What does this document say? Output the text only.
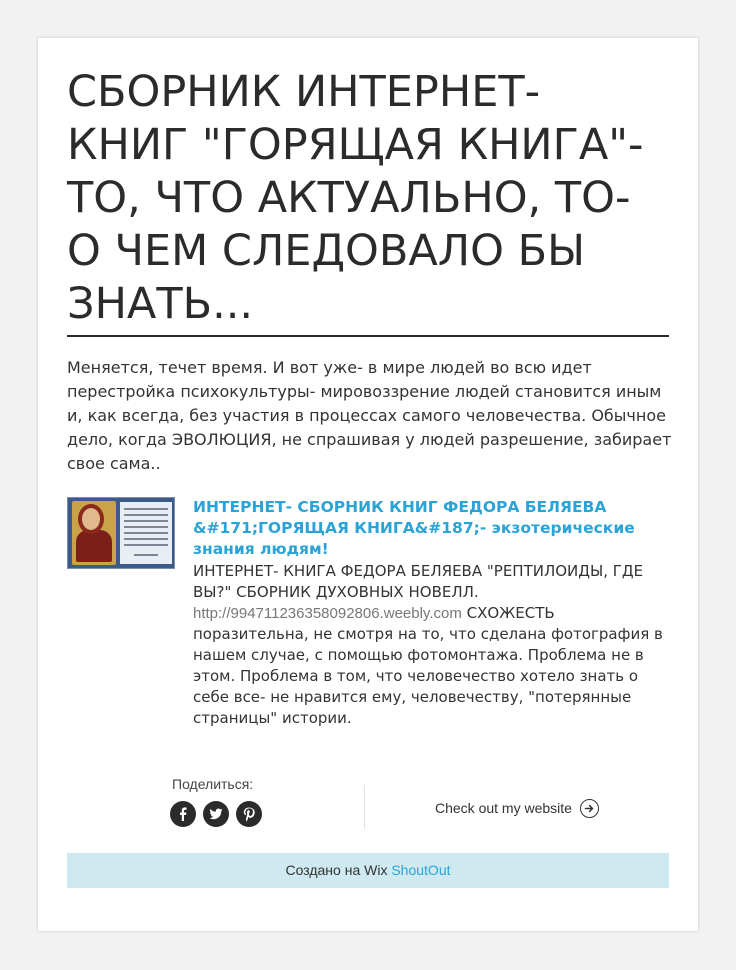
СБОРНИК ИНТЕРНЕТ- КНИГ "ГОРЯЩАЯ КНИГА"- ТО, ЧТО АКТУАЛЬНО, ТО- О ЧЕМ СЛЕДОВАЛО БЫ ЗНАТЬ...

Меняется, течет время. И вот уже- в мире людей во всю идет перестройка психокультуры- мировоззрение людей становится иным и, как всегда, без участия в процессах самого человечества. Обычное дело, когда ЭВОЛЮЦИЯ, не спрашивая у людей разрешение, забирает свое сама..

ИНТЕРНЕТ- СБОРНИК КНИГ ФЕДОРА БЕЛЯЕВА &#171;ГОРЯЩАЯ КНИГА&#187;- экзотерические знания людям!

ИНТЕРНЕТ- КНИГА ФЕДОРА БЕЛЯЕВА "РЕПТИЛОИДЫ, ГДЕ ВЫ?" СБОРНИК ДУХОВНЫХ НОВЕЛЛ. http://994711236358092806.weebly.com СХОЖЕСТЬ поразительна, не смотря на то, что сделана фотография в нашем случае, с помощью фотомонтажа. Проблема не в этом. Проблема в том, что человечество хотело знать о себе все- не нравится ему, человечеству, "потерянные страницы" истории.

Поделиться:
Check out my website
Создано на Wix ShoutOut
